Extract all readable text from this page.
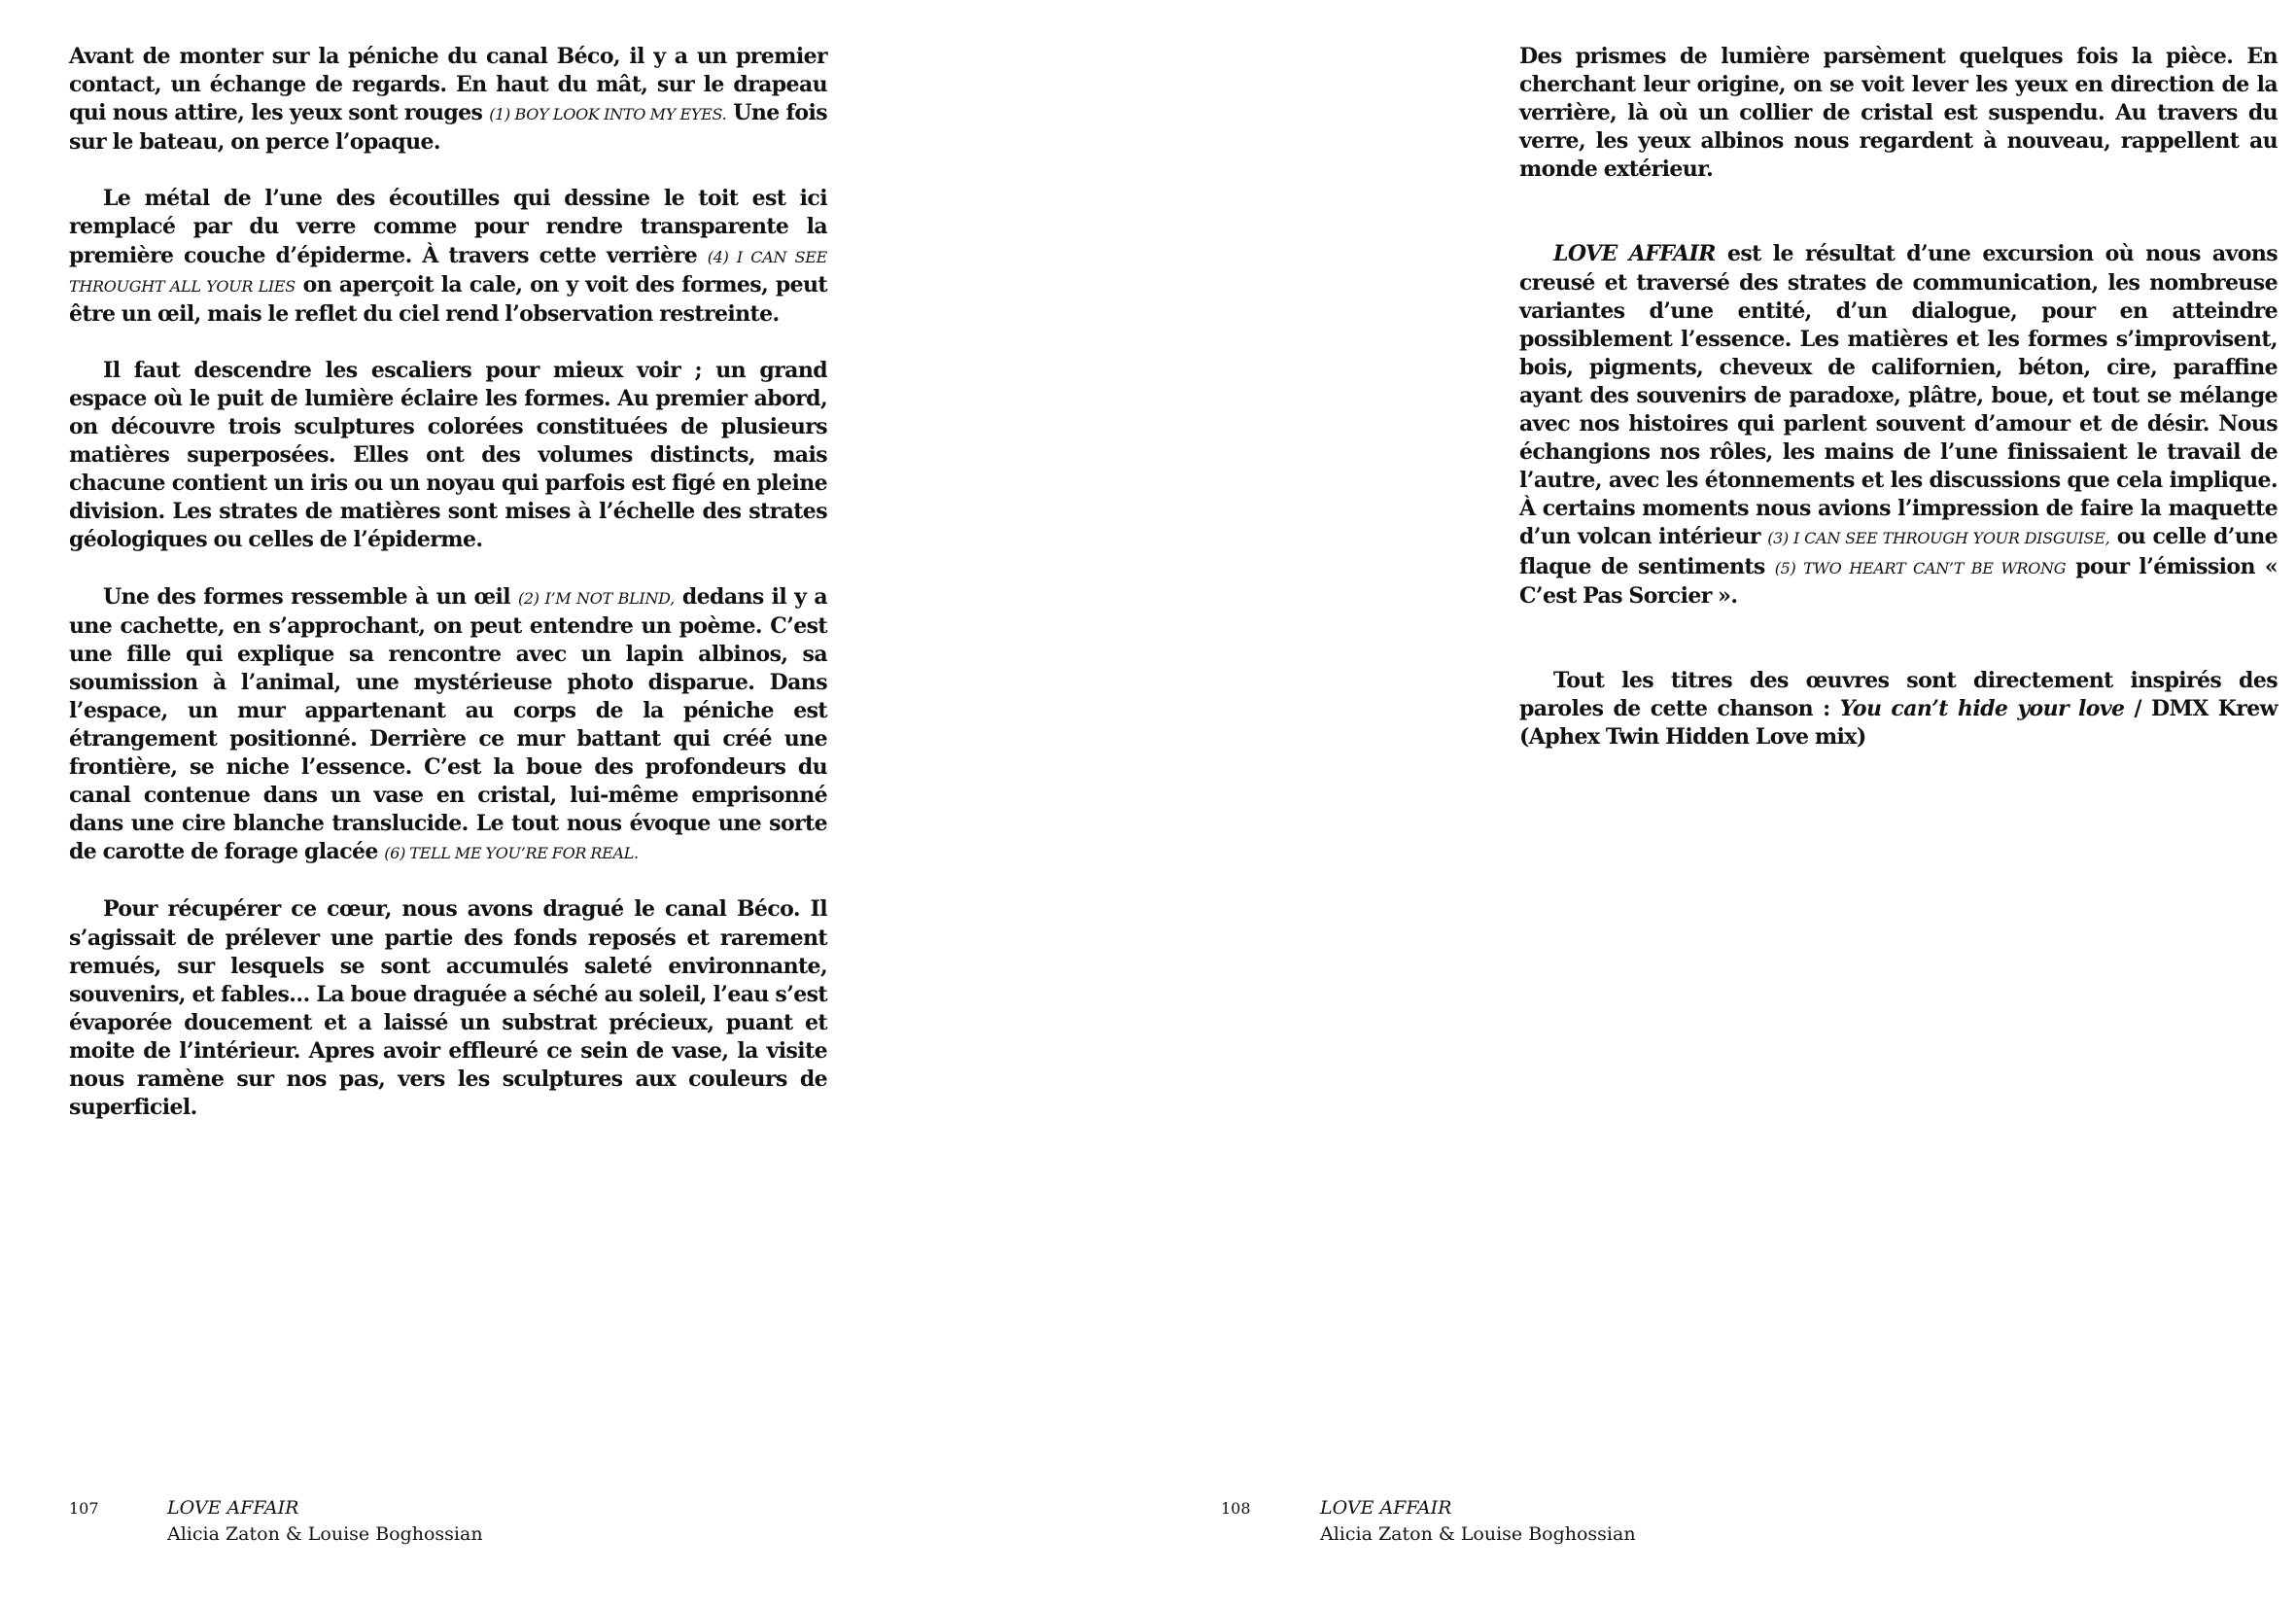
Avant de monter sur la péniche du canal Béco, il y a un premier contact, un échange de regards. En haut du mât, sur le drapeau qui nous attire, les yeux sont rouges (1) BOY LOOK INTO MY EYES. Une fois sur le bateau, on perce l’opaque.

Le métal de l’une des écoutilles qui dessine le toit est ici remplacé par du verre comme pour rendre transparente la première couche d’épiderme. À travers cette verrière (4) I CAN SEE THROUGHT ALL YOUR LIES on aperçoit la cale, on y voit des formes, peut être un œil, mais le reflet du ciel rend l’observation restreinte.

Il faut descendre les escaliers pour mieux voir ; un grand espace où le puit de lumière éclaire les formes. Au premier abord, on découvre trois sculptures colorées constituées de plusieurs matières superposées. Elles ont des volumes distincts, mais chacune contient un iris ou un noyau qui parfois est figé en pleine division. Les strates de matières sont mises à l’échelle des strates géologiques ou celles de l’épiderme.

Une des formes ressemble à un œil (2) I’M NOT BLIND, dedans il y a une cachette, en s’approchant, on peut entendre un poème. C’est une fille qui explique sa rencontre avec un lapin albinos, sa soumission à l’animal, une mystérieuse photo disparue. Dans l’espace, un mur appartenant au corps de la péniche est étrangement positionné. Derrière ce mur battant qui créé une frontière, se niche l’essence. C’est la boue des profondeurs du canal contenue dans un vase en cristal, lui-même emprisonné dans une cire blanche translucide. Le tout nous évoque une sorte de carotte de forage glacée (6) TELL ME YOU’RE FOR REAL.

Pour récupérer ce cœur, nous avons dragué le canal Béco. Il s’agissait de prélever une partie des fonds reposés et rarement remués, sur lesquels se sont accumulés saleté environnante, souvenirs, et fables… La boue draguée a séché au soleil, l’eau s’est évaporée doucement et a laissé un substrat précieux, puant et moite de l’intérieur. Apres avoir effleuré ce sein de vase, la visite nous ramène sur nos pas, vers les sculptures aux couleurs de superficiel.

107	LOVE AFFAIR
Alicia Zaton & Louise Boghossian

Des prismes de lumière parsèment quelques fois la pièce. En cherchant leur origine, on se voit lever les yeux en direction de la verrière, là où un collier de cristal est suspendu. Au travers du verre, les yeux albinos nous regardent à nouveau, rappellent au monde extérieur.

LOVE AFFAIR est le résultat d’une excursion où nous avons creusé et traversé des strates de communication, les nombreuse variantes d’une entité, d’un dialogue, pour en atteindre possiblement l’essence. Les matières et les formes s’improvisent, bois, pigments, cheveux de californien, béton, cire, paraffine ayant des souvenirs de paradoxe, plâtre, boue, et tout se mélange avec nos histoires qui parlent souvent d’amour et de désir. Nous échangions nos rôles, les mains de l’une finissaient le travail de l’autre, avec les étonnements et les discussions que cela implique. À certains moments nous avions l’impression de faire la maquette d’un volcan intérieur (3) I CAN SEE THROUGH YOUR DISGUISE, ou celle d’une flaque de sentiments (5) TWO HEART CAN’T BE WRONG pour l’émission « C’est Pas Sorcier ».

Tout les titres des œuvres sont directement inspirés des paroles de cette chanson : You can’t hide your love / DMX Krew (Aphex Twin Hidden Love mix)

108	LOVE AFFAIR
Alicia Zaton & Louise Boghossian
